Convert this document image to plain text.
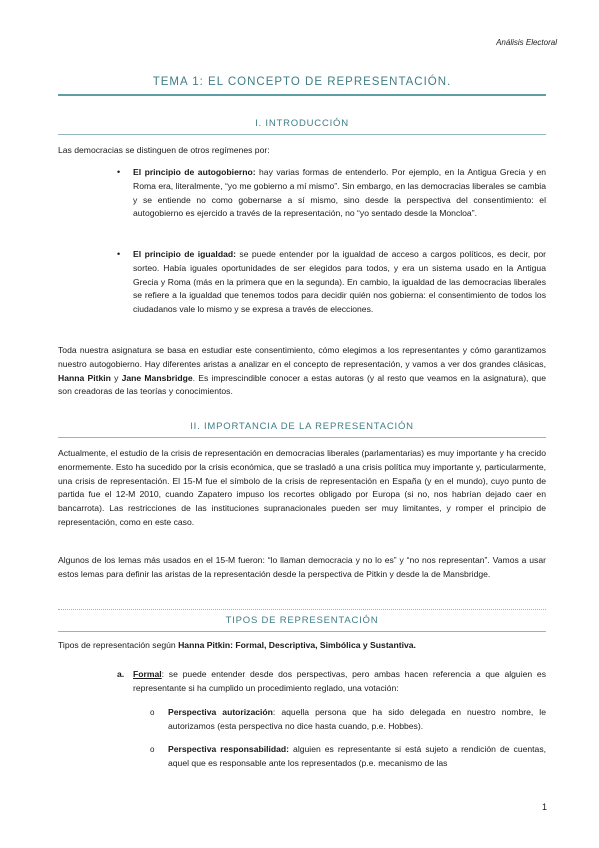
Análisis Electoral
TEMA 1: EL CONCEPTO DE REPRESENTACIÓN.
I. INTRODUCCIÓN
Las democracias se distinguen de otros regímenes por:
• El principio de autogobierno: hay varias formas de entenderlo. Por ejemplo, en la Antigua Grecia y en Roma era, literalmente, “yo me gobierno a mí mismo”. Sin embargo, en las democracias liberales se cambia y se entiende no como gobernarse a sí mismo, sino desde la perspectiva del consentimiento: el autogobierno es ejercido a través de la representación, no “yo sentado desde la Moncloa”.
• El principio de igualdad: se puede entender por la igualdad de acceso a cargos políticos, es decir, por sorteo. Había iguales oportunidades de ser elegidos para todos, y era un sistema usado en la Antigua Grecia y Roma (más en la primera que en la segunda). En cambio, la igualdad de las democracias liberales se refiere a la igualdad que tenemos todos para decidir quién nos gobierna: el consentimiento de todos los ciudadanos vale lo mismo y se expresa a través de elecciones.
Toda nuestra asignatura se basa en estudiar este consentimiento, cómo elegimos a los representantes y cómo garantizamos nuestro autogobierno. Hay diferentes aristas a analizar en el concepto de representación, y vamos a ver dos grandes clásicas, Hanna Pitkin y Jane Mansbridge. Es imprescindible conocer a estas autoras (y al resto que veamos en la asignatura), que son creadoras de las teorías y conocimientos.
II. IMPORTANCIA DE LA REPRESENTACIÓN
Actualmente, el estudio de la crisis de representación en democracias liberales (parlamentarias) es muy importante y ha crecido enormemente. Esto ha sucedido por la crisis económica, que se trasladó a una crisis política muy importante y, particularmente, una crisis de representación. El 15-M fue el símbolo de la crisis de representación en España (y en el mundo), cuyo punto de partida fue el 12-M 2010, cuando Zapatero impuso los recortes obligado por Europa (si no, nos habrían dejado caer en bancarrota). Las restricciones de las instituciones supranacionales pueden ser muy limitantes, y romper el principio de representación, como en este caso.
Algunos de los lemas más usados en el 15-M fueron: “lo llaman democracia y no lo es” y “no nos representan”. Vamos a usar estos lemas para definir las aristas de la representación desde la perspectiva de Pitkin y desde la de Mansbridge.
TIPOS DE REPRESENTACIÓN
Tipos de representación según Hanna Pitkin: Formal, Descriptiva, Simbólica y Sustantiva.
a. Formal: se puede entender desde dos perspectivas, pero ambas hacen referencia a que alguien es representante si ha cumplido un procedimiento reglado, una votación:
o Perspectiva autorización: aquella persona que ha sido delegada en nuestro nombre, le autorizamos (esta perspectiva no dice hasta cuando, p.e. Hobbes).
o Perspectiva responsabilidad: alguien es representante si está sujeto a rendición de cuentas, aquel que es responsable ante los representados (p.e. mecanismo de las
1
